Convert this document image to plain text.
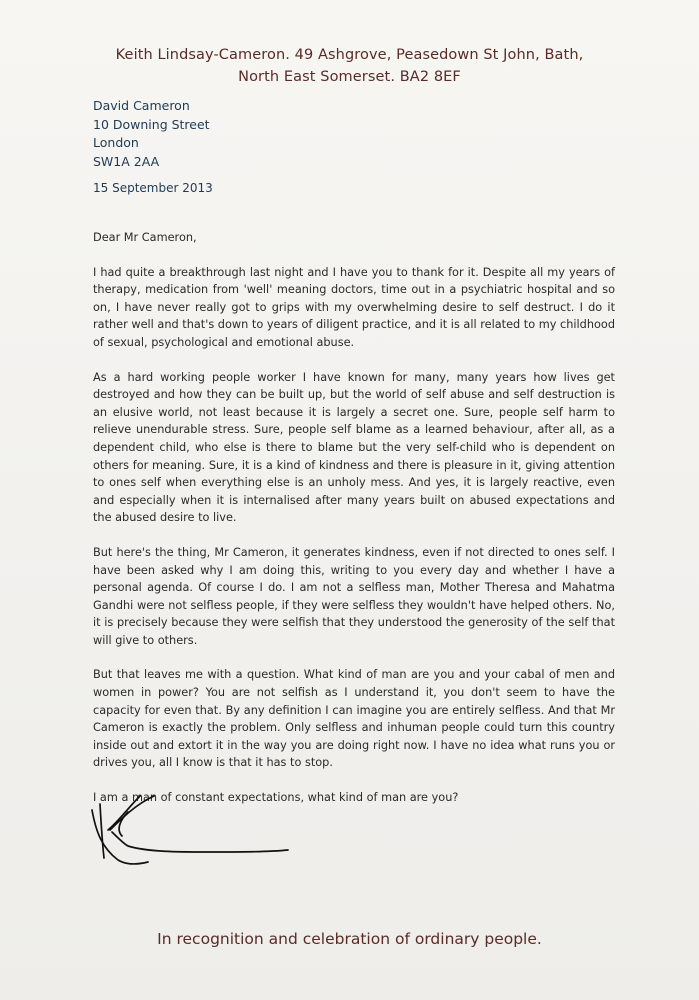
Keith Lindsay-Cameron. 49 Ashgrove, Peasedown St John, Bath,
North East Somerset. BA2 8EF
David Cameron
10 Downing Street
London
SW1A 2AA
15 September 2013

Dear Mr Cameron,

I had quite a breakthrough last night and I have you to thank for it. Despite all my years of therapy, medication from 'well' meaning doctors, time out in a psychiatric hospital and so on, I have never really got to grips with my overwhelming desire to self destruct. I do it rather well and that's down to years of diligent practice, and it is all related to my childhood of sexual, psychological and emotional abuse.

As a hard working people worker I have known for many, many years how lives get destroyed and how they can be built up, but the world of self abuse and self destruction is an elusive world, not least because it is largely a secret one. Sure, people self harm to relieve unendurable stress. Sure, people self blame as a learned behaviour, after all, as a dependent child, who else is there to blame but the very self-child who is dependent on others for meaning. Sure, it is a kind of kindness and there is pleasure in it, giving attention to ones self when everything else is an unholy mess. And yes, it is largely reactive, even and especially when it is internalised after many years built on abused expectations and the abused desire to live.

But here's the thing, Mr Cameron, it generates kindness, even if not directed to ones self. I have been asked why I am doing this, writing to you every day and whether I have a personal agenda. Of course I do. I am not a selfless man, Mother Theresa and Mahatma Gandhi were not selfless people, if they were selfless they wouldn't have helped others. No, it is precisely because they were selfish that they understood the generosity of the self that will give to others.

But that leaves me with a question. What kind of man are you and your cabal of men and women in power? You are not selfish as I understand it, you don't seem to have the capacity for even that. By any definition I can imagine you are entirely selfless. And that Mr Cameron is exactly the problem. Only selfless and inhuman people could turn this country inside out and extort it in the way you are doing right now. I have no idea what runs you or drives you, all I know is that it has to stop.

I am a man of constant expectations, what kind of man are you?

In recognition and celebration of ordinary people.
